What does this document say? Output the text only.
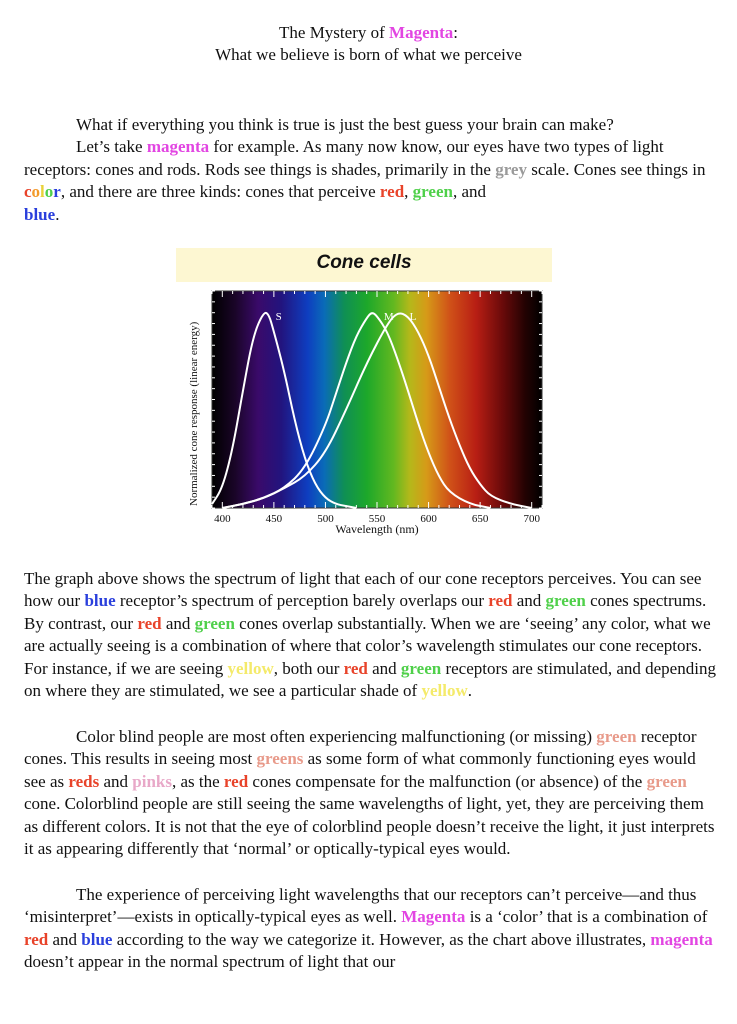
The Mystery of Magenta:
What we believe is born of what we perceive

What if everything you think is true is just the best guess your brain can make?
Let’s take magenta for example. As many now know, our eyes have two types of light receptors: cones and rods. Rods see things is shades, primarily in the grey scale. Cones see things in color, and there are three kinds: cones that perceive red, green, and
blue.

Cone cells
400	450	500	550	600	650	700
S	M L
Wavelength (nm)
Normalized cone response (linear energy)

The graph above shows the spectrum of light that each of our cone receptors perceives. You can see how our blue receptor’s spectrum of perception barely overlaps our red and green cones spectrums. By contrast, our red and green cones overlap substantially. When we are ‘seeing’ any color, what we are actually seeing is a combination of where that color’s wavelength stimulates our cone receptors. For instance, if we are seeing yellow, both our red and green receptors are stimulated, and depending on where they are stimulated, we see a particular shade of yellow.

Color blind people are most often experiencing malfunctioning (or missing) green receptor cones. This results in seeing most greens as some form of what commonly functioning eyes would see as reds and pinks, as the red cones compensate for the malfunction (or absence) of the green cone. Colorblind people are still seeing the same wavelengths of light, yet, they are perceiving them as different colors. It is not that the eye of colorblind people doesn’t receive the light, it just interprets it as appearing differently that ‘normal’ or optically-typical eyes would.

The experience of perceiving light wavelengths that our receptors can’t perceive—and thus ‘misinterpret’—exists in optically-typical eyes as well. Magenta is a ‘color’ that is a combination of red and blue according to the way we categorize it. However, as the chart above illustrates, magenta doesn’t appear in the normal spectrum of light that our
